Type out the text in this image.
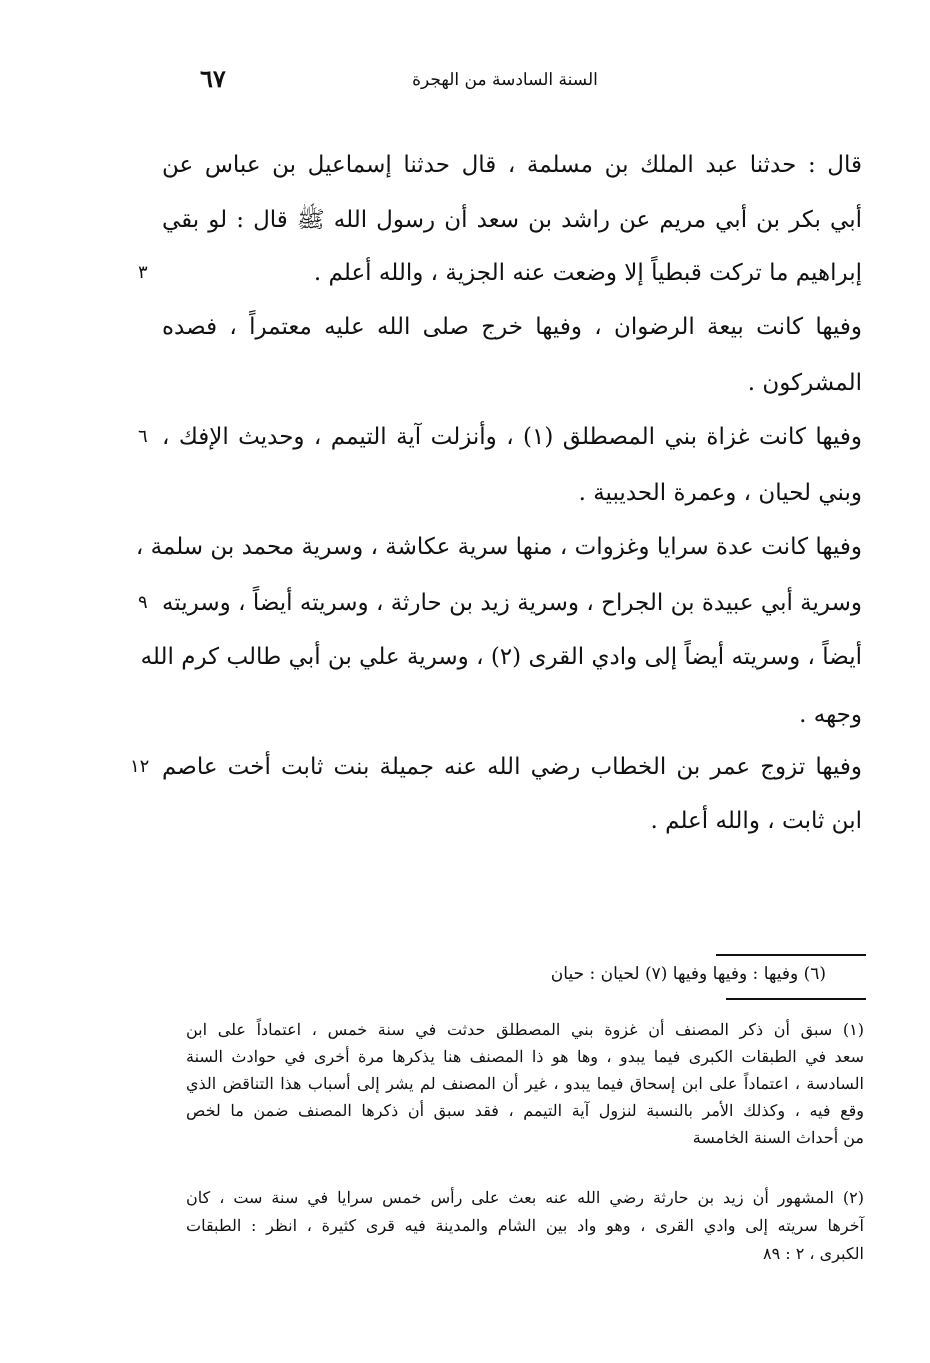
السنة السادسة من الهجرة
٦٧
قال : حدثنا عبد الملك بن مسلمة ، قال حدثنا إسماعيل بن عباس عن
أبي بكر بن أبي مريم عن راشد بن سعد أن رسول الله ﷺ قال : لو بقي
إبراهيم ما تركت قبطياً إلا وضعت عنه الجزية ، والله أعلم .
وفيها كانت بيعة الرضوان ، وفيها خرج صلى الله عليه معتمراً ، فصده
المشركون .
وفيها كانت غزاة بني المصطلق (١) ، وأنزلت آية التيمم ، وحديث الإفك ،
وبني لحيان ، وعمرة الحديبية .
وفيها كانت عدة سرايا وغزوات ، منها سرية عكاشة ، وسرية محمد بن سلمة ،
وسرية أبي عبيدة بن الجراح ، وسرية زيد بن حارثة ، وسريته أيضاً ، وسريته
أيضاً ، وسريته أيضاً إلى وادي القرى (٢) ، وسرية علي بن أبي طالب كرم الله
وجهه .
وفيها تزوج عمر بن الخطاب رضي الله عنه جميلة بنت ثابت أخت عاصم
ابن ثابت ، والله أعلم .
٣
٦
٩
١٢
(٦) وفيها : وفيها وفيها (٧) لحيان : حيان
(١) سبق أن ذكر المصنف أن غزوة بني المصطلق حدثت في سنة خمس ، اعتماداً على ابن
سعد في الطبقات الكبرى فيما يبدو ، وها هو ذا المصنف هنا يذكرها مرة أخرى في حوادث السنة
السادسة ، اعتماداً على ابن إسحاق فيما يبدو ، غير أن المصنف لم يشر إلى أسباب هذا التناقض الذي
وقع فيه ، وكذلك الأمر بالنسبة لنزول آية التيمم ، فقد سبق أن ذكرها المصنف ضمن ما لخص
من أحداث السنة الخامسة
(٢) المشهور أن زيد بن حارثة رضي الله عنه بعث على رأس خمس سرايا في سنة ست ، كان
آخرها سريته إلى وادي القرى ، وهو واد بين الشام والمدينة فيه قرى كثيرة ، انظر : الطبقات
الكبرى ، ٢ : ٨٩
